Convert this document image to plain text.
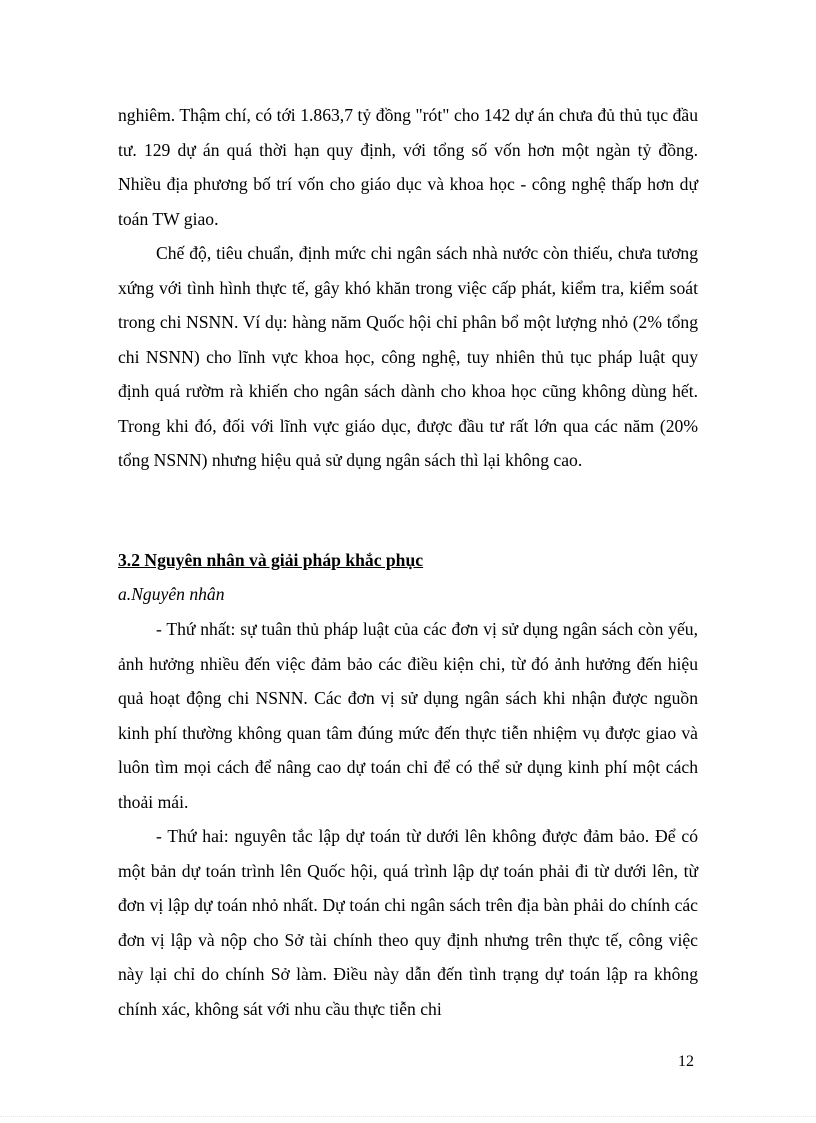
nghiêm. Thậm chí, có tới 1.863,7 tỷ đồng "rót" cho 142 dự án chưa đủ thủ tục đầu tư. 129 dự án quá thời hạn quy định, với tổng số vốn hơn một ngàn tỷ đồng. Nhiều địa phương bố trí vốn cho giáo dục và khoa học - công nghệ thấp hơn dự toán TW giao.

Chế độ, tiêu chuẩn, định mức chi ngân sách nhà nước còn thiếu, chưa tương xứng với tình hình thực tế, gây khó khăn trong việc cấp phát, kiểm tra, kiểm soát trong chi NSNN. Ví dụ: hàng năm Quốc hội chỉ phân bổ một lượng nhỏ (2% tổng chi NSNN) cho lĩnh vực khoa học, công nghệ, tuy nhiên thủ tục pháp luật quy định quá rườm rà khiến cho ngân sách dành cho khoa học cũng không dùng hết. Trong khi đó, đối với lĩnh vực giáo dục, được đầu tư rất lớn qua các năm (20% tổng NSNN) nhưng hiệu quả sử dụng ngân sách thì lại không cao.

3.2 Nguyên nhân và giải pháp khắc phục

a.Nguyên nhân

- Thứ nhất: sự tuân thủ pháp luật của các đơn vị sử dụng ngân sách còn yếu, ảnh hưởng nhiều đến việc đảm bảo các điều kiện chi, từ đó ảnh hưởng đến hiệu quả hoạt động chi NSNN. Các đơn vị sử dụng ngân sách khi nhận được nguồn kinh phí thường không quan tâm đúng mức đến thực tiễn nhiệm vụ được giao và luôn tìm mọi cách để nâng cao dự toán chỉ để có thể sử dụng kinh phí một cách thoải mái.

- Thứ hai: nguyên tắc lập dự toán từ dưới lên không được đảm bảo. Để có một bản dự toán trình lên Quốc hội, quá trình lập dự toán phải đi từ dưới lên, từ đơn vị lập dự toán nhỏ nhất. Dự toán chi ngân sách trên địa bàn phải do chính các đơn vị lập và nộp cho Sở tài chính theo quy định nhưng trên thực tế, công việc này lại chỉ do chính Sở làm. Điều này dẫn đến tình trạng dự toán lập ra không chính xác, không sát với nhu cầu thực tiễn chi

12
